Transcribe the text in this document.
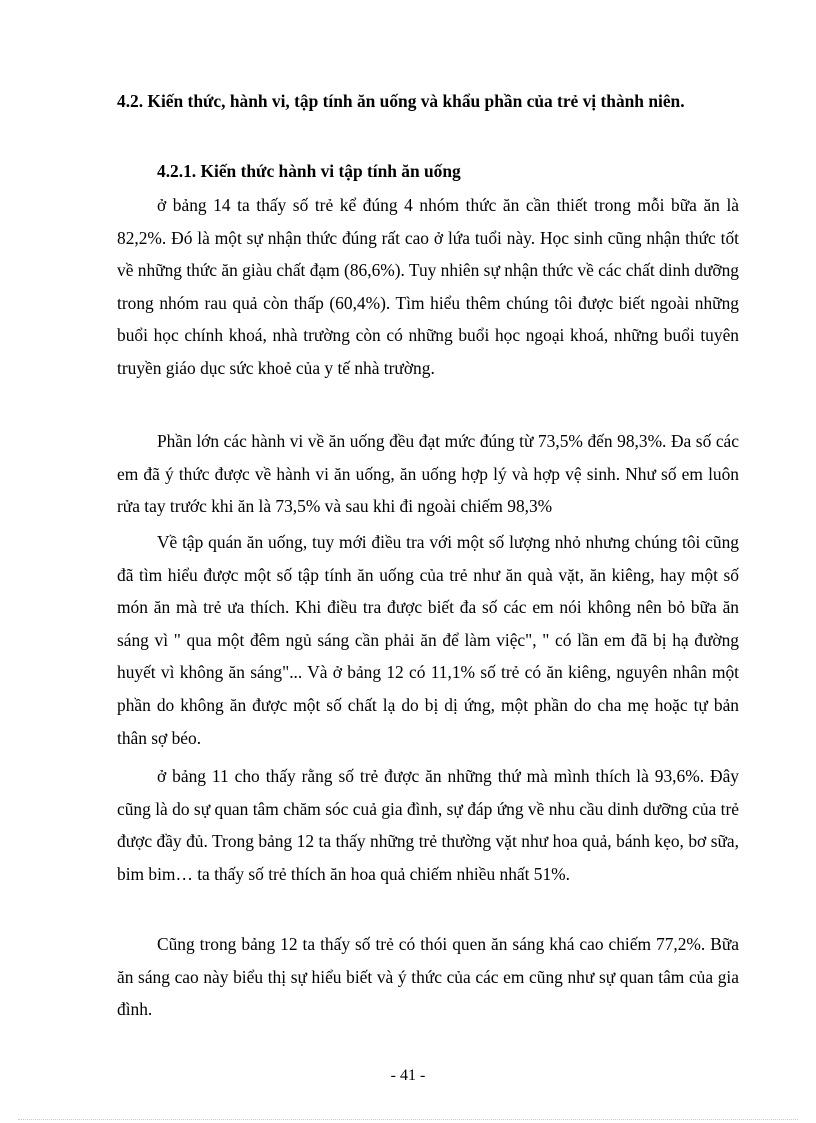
4.2. Kiến thức, hành vi, tập tính ăn uống và khẩu phần của trẻ vị thành niên.
4.2.1. Kiến thức hành vi tập tính ăn uống
ở bảng 14 ta thấy số trẻ kể đúng 4 nhóm thức ăn cần thiết trong mỗi bữa ăn là 82,2%. Đó là một sự nhận thức đúng rất cao ở lứa tuổi này. Học sinh cũng nhận thức tốt về những thức ăn giàu chất đạm (86,6%). Tuy nhiên sự nhận thức về các chất dinh dưỡng trong nhóm rau quả còn thấp (60,4%). Tìm hiểu thêm chúng tôi được biết ngoài những buổi học chính khoá, nhà trường còn có những buổi học ngoại khoá, những buổi tuyên truyền giáo dục sức khoẻ của y tế nhà trường.
Phần lớn các hành vi về ăn uống đều đạt mức đúng từ 73,5% đến 98,3%. Đa số các em đã ý thức được về hành vi ăn uống, ăn uống hợp lý và hợp vệ sinh. Như số em luôn rửa tay trước khi ăn là 73,5% và sau khi đi ngoài chiếm 98,3%
Về tập quán ăn uống, tuy mới điều tra với một số lượng nhỏ nhưng chúng tôi cũng đã tìm hiểu được một số tập tính ăn uống của trẻ như ăn quà vặt, ăn kiêng, hay một số món ăn mà trẻ ưa thích. Khi điều tra được biết đa số các em nói không nên bỏ bữa ăn sáng vì " qua một đêm ngủ sáng cần phải ăn để làm việc", " có lần em đã bị hạ đường huyết vì không ăn sáng"... Và ở bảng 12 có 11,1% số trẻ có ăn kiêng, nguyên nhân một phần do không ăn được một số chất lạ do bị dị ứng, một phần do cha mẹ hoặc tự bản thân sợ béo.
ở bảng 11 cho thấy rằng số trẻ được ăn những thứ mà mình thích là 93,6%. Đây cũng là do sự quan tâm chăm sóc cuả gia đình, sự đáp ứng về nhu cầu dinh dưỡng của trẻ được đầy đủ. Trong bảng 12 ta thấy những trẻ thường vặt như hoa quả, bánh kẹo, bơ sữa, bim bim… ta thấy số trẻ thích ăn hoa quả chiếm nhiều nhất 51%.
Cũng trong bảng 12 ta thấy số trẻ có thói quen ăn sáng khá cao chiếm 77,2%. Bữa ăn sáng cao này biểu thị sự hiểu biết và ý thức của các em cũng như sự quan tâm của gia đình.
- 41 -
